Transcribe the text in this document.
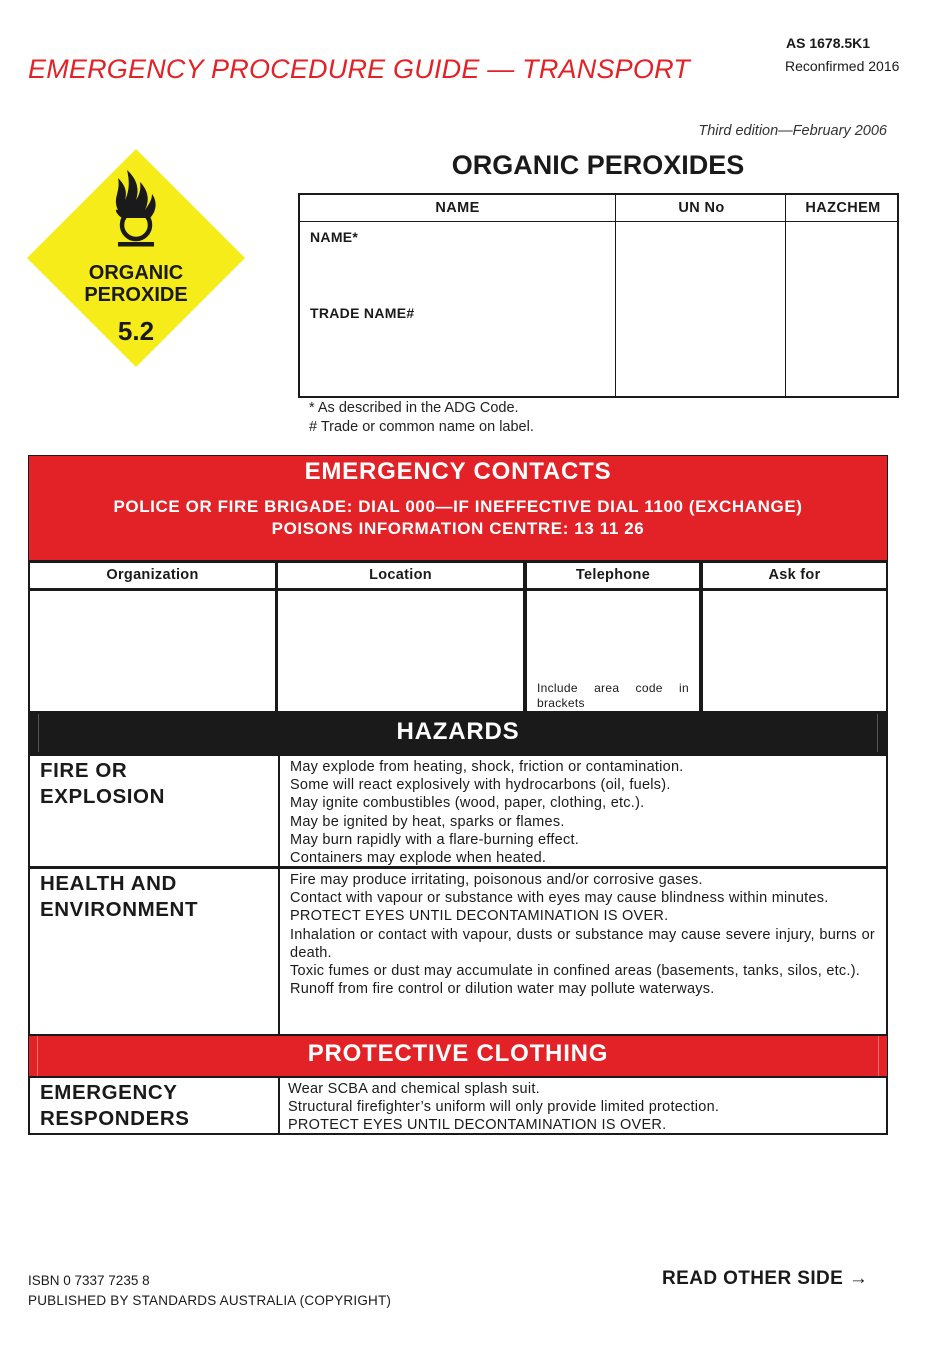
EMERGENCY PROCEDURE GUIDE — TRANSPORT
AS 1678.5K1
Reconfirmed 2016
Third edition—February 2006
ORGANIC PEROXIDES
ORGANIC
PEROXIDE
5.2
NAME	UN No	HAZCHEM
NAME*
TRADE NAME#
* As described in the ADG Code.
# Trade or common name on label.
EMERGENCY CONTACTS
POLICE OR FIRE BRIGADE: DIAL 000—IF INEFFECTIVE DIAL 1100 (EXCHANGE)
POISONS INFORMATION CENTRE: 13 11 26
Organization	Location	Telephone	Ask for
Include area code in brackets
HAZARDS
FIRE OR
EXPLOSION
May explode from heating, shock, friction or contamination.
Some will react explosively with hydrocarbons (oil, fuels).
May ignite combustibles (wood, paper, clothing, etc.).
May be ignited by heat, sparks or flames.
May burn rapidly with a flare-burning effect.
Containers may explode when heated.
HEALTH AND
ENVIRONMENT
Fire may produce irritating, poisonous and/or corrosive gases.
Contact with vapour or substance with eyes may cause blindness within minutes.
PROTECT EYES UNTIL DECONTAMINATION IS OVER.
Inhalation or contact with vapour, dusts or substance may cause severe injury, burns or death.
Toxic fumes or dust may accumulate in confined areas (basements, tanks, silos, etc.).
Runoff from fire control or dilution water may pollute waterways.
PROTECTIVE CLOTHING
EMERGENCY
RESPONDERS
Wear SCBA and chemical splash suit.
Structural firefighter’s uniform will only provide limited protection.
PROTECT EYES UNTIL DECONTAMINATION IS OVER.
ISBN 0 7337 7235 8
PUBLISHED BY STANDARDS AUSTRALIA (COPYRIGHT)
READ OTHER SIDE →
